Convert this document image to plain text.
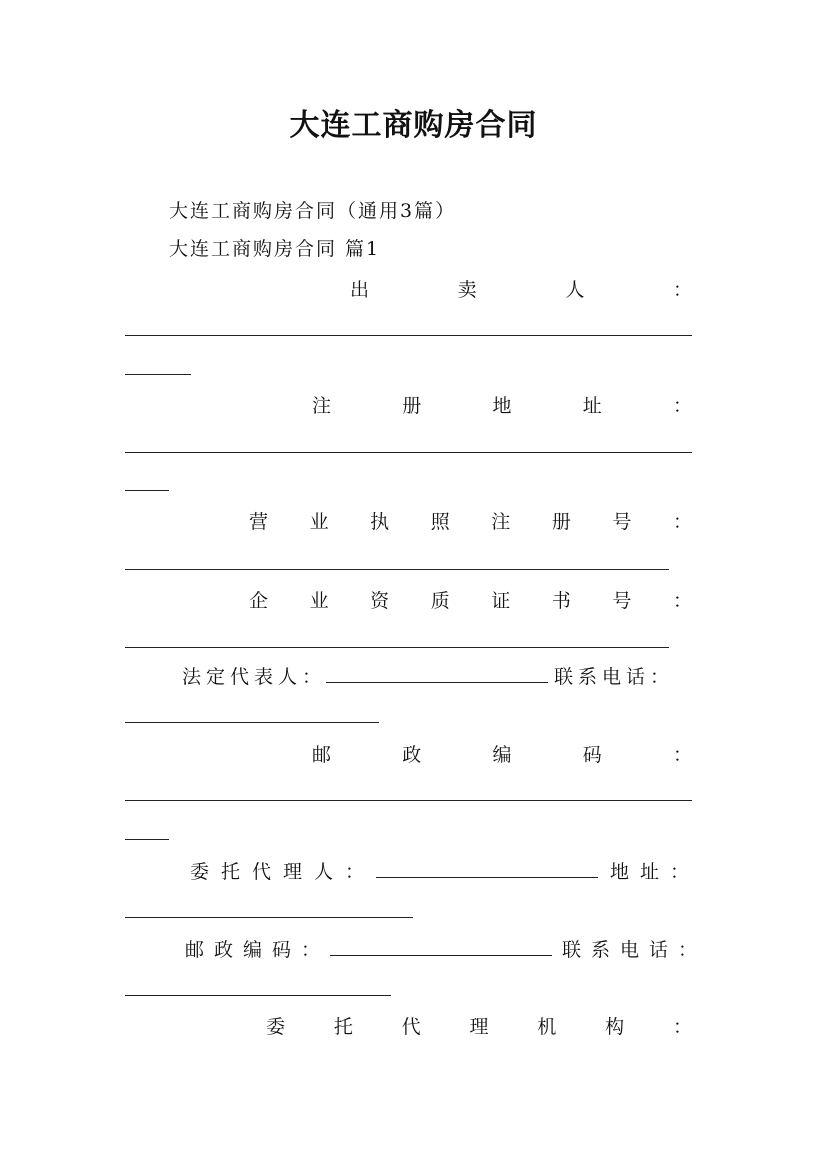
大连工商购房合同
大连工商购房合同（通用3篇）
大连工商购房合同 篇1
出	卖	人	：
注	册	地	址	：
营 业 执 照 注 册 号 ：
企 业 资 质 证 书 号 ：
法定代表人：	联系电话：
邮	政	编	码	：
委托代理人：	地址：
邮政编码：	联系电话：
委	托	代	理	机	构	：
